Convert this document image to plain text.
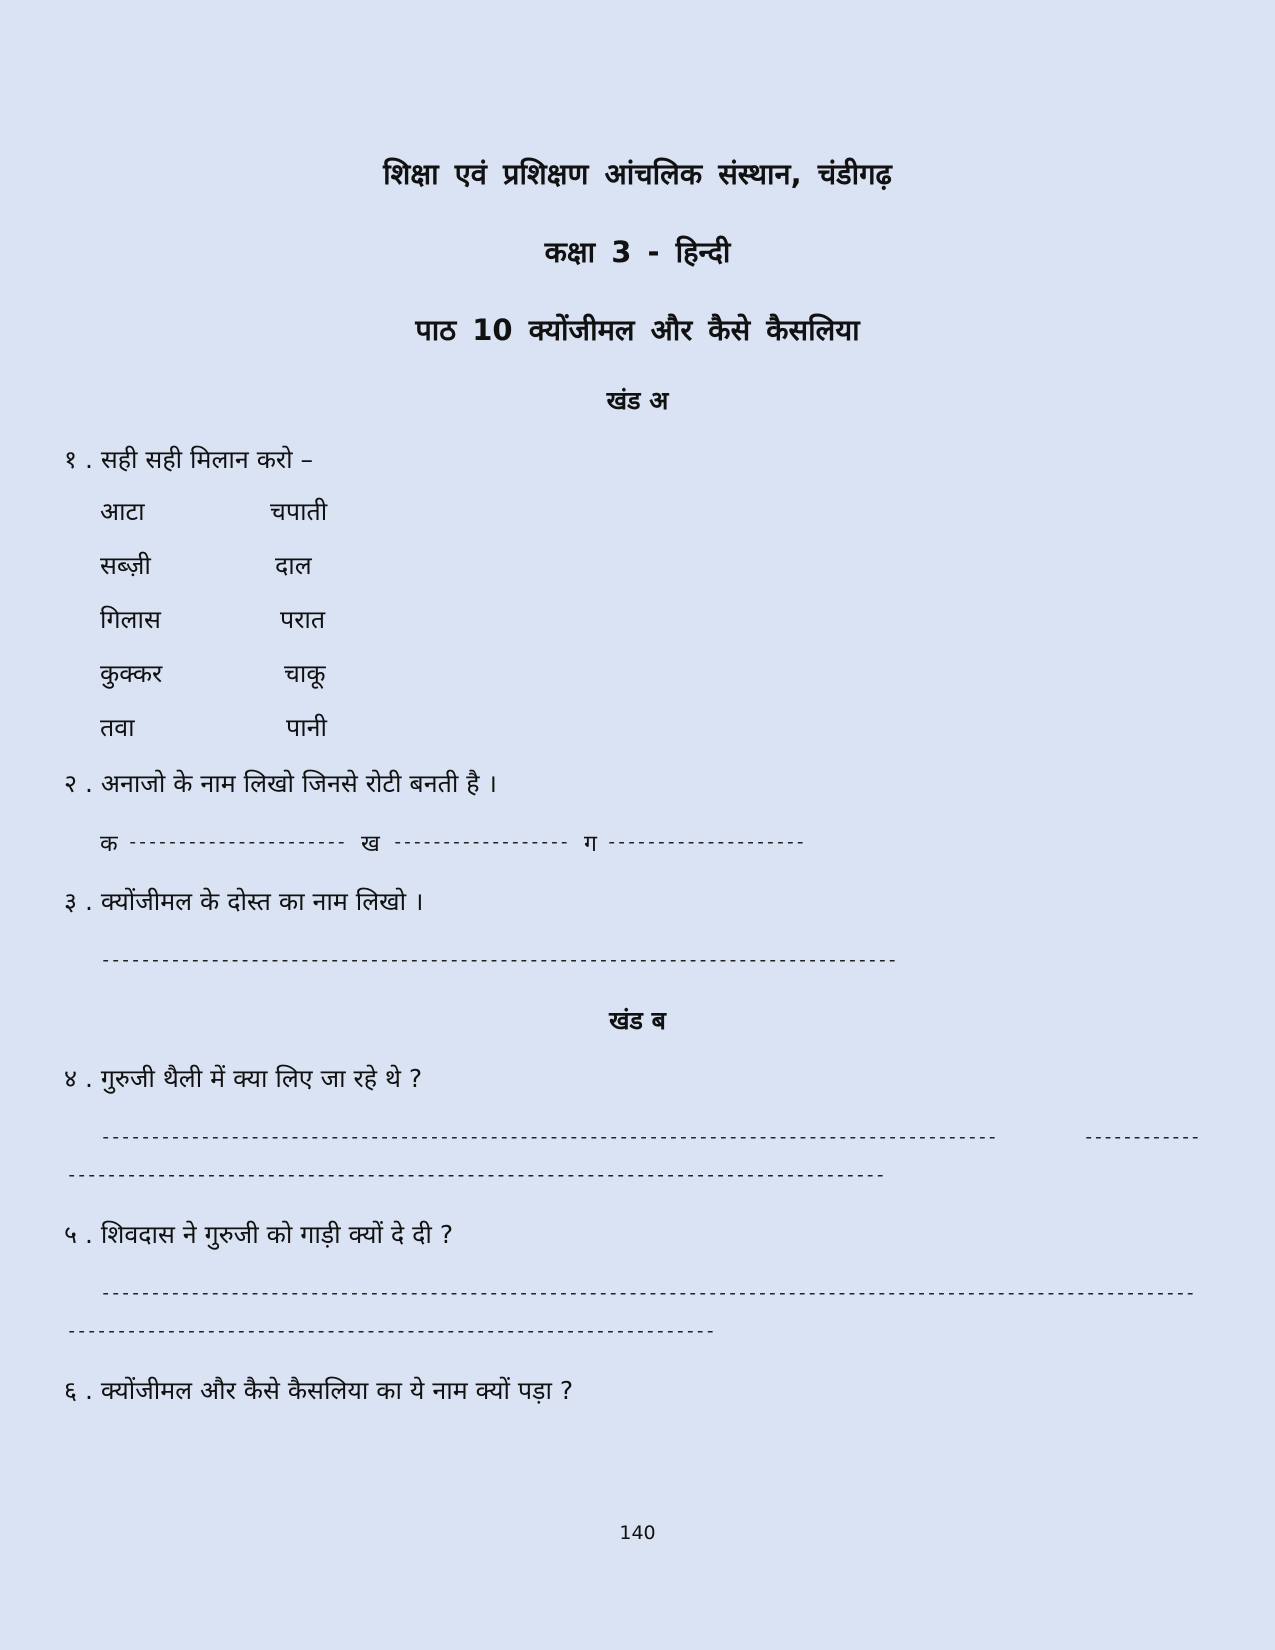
शिक्षा एवं प्रशिक्षण आंचलिक संस्थान, चंडीगढ़
कक्षा 3 - हिन्दी
पाठ 10 क्योंजीमल और कैसे कैसलिया
खंड अ
१ . सही सही मिलान करो –
आटा	चपाती
सब्ज़ी	दाल
गिलास	परात
कुक्कर	चाकू
तवा	पानी
२ . अनाजो के नाम लिखो जिनसे रोटी बनती है ।
क ---------------------- ख ------------------ ग --------------------
३ . क्योंजीमल के दोस्त का नाम लिखो ।
--------------------------------------------------------------------------------
खंड ब
४ . गुरुजी थैली में क्या लिए जा रहे थे ?
------------------------------------------------------------------------------------------	------------
----------------------------------------------------------------------------------
५ . शिवदास ने गुरुजी को गाड़ी क्यों दे दी ?
--------------------------------------------------------------------------------------------------------------
-----------------------------------------------------------------
६ . क्योंजीमल और कैसे कैसलिया का ये नाम क्यों पड़ा ?
140
